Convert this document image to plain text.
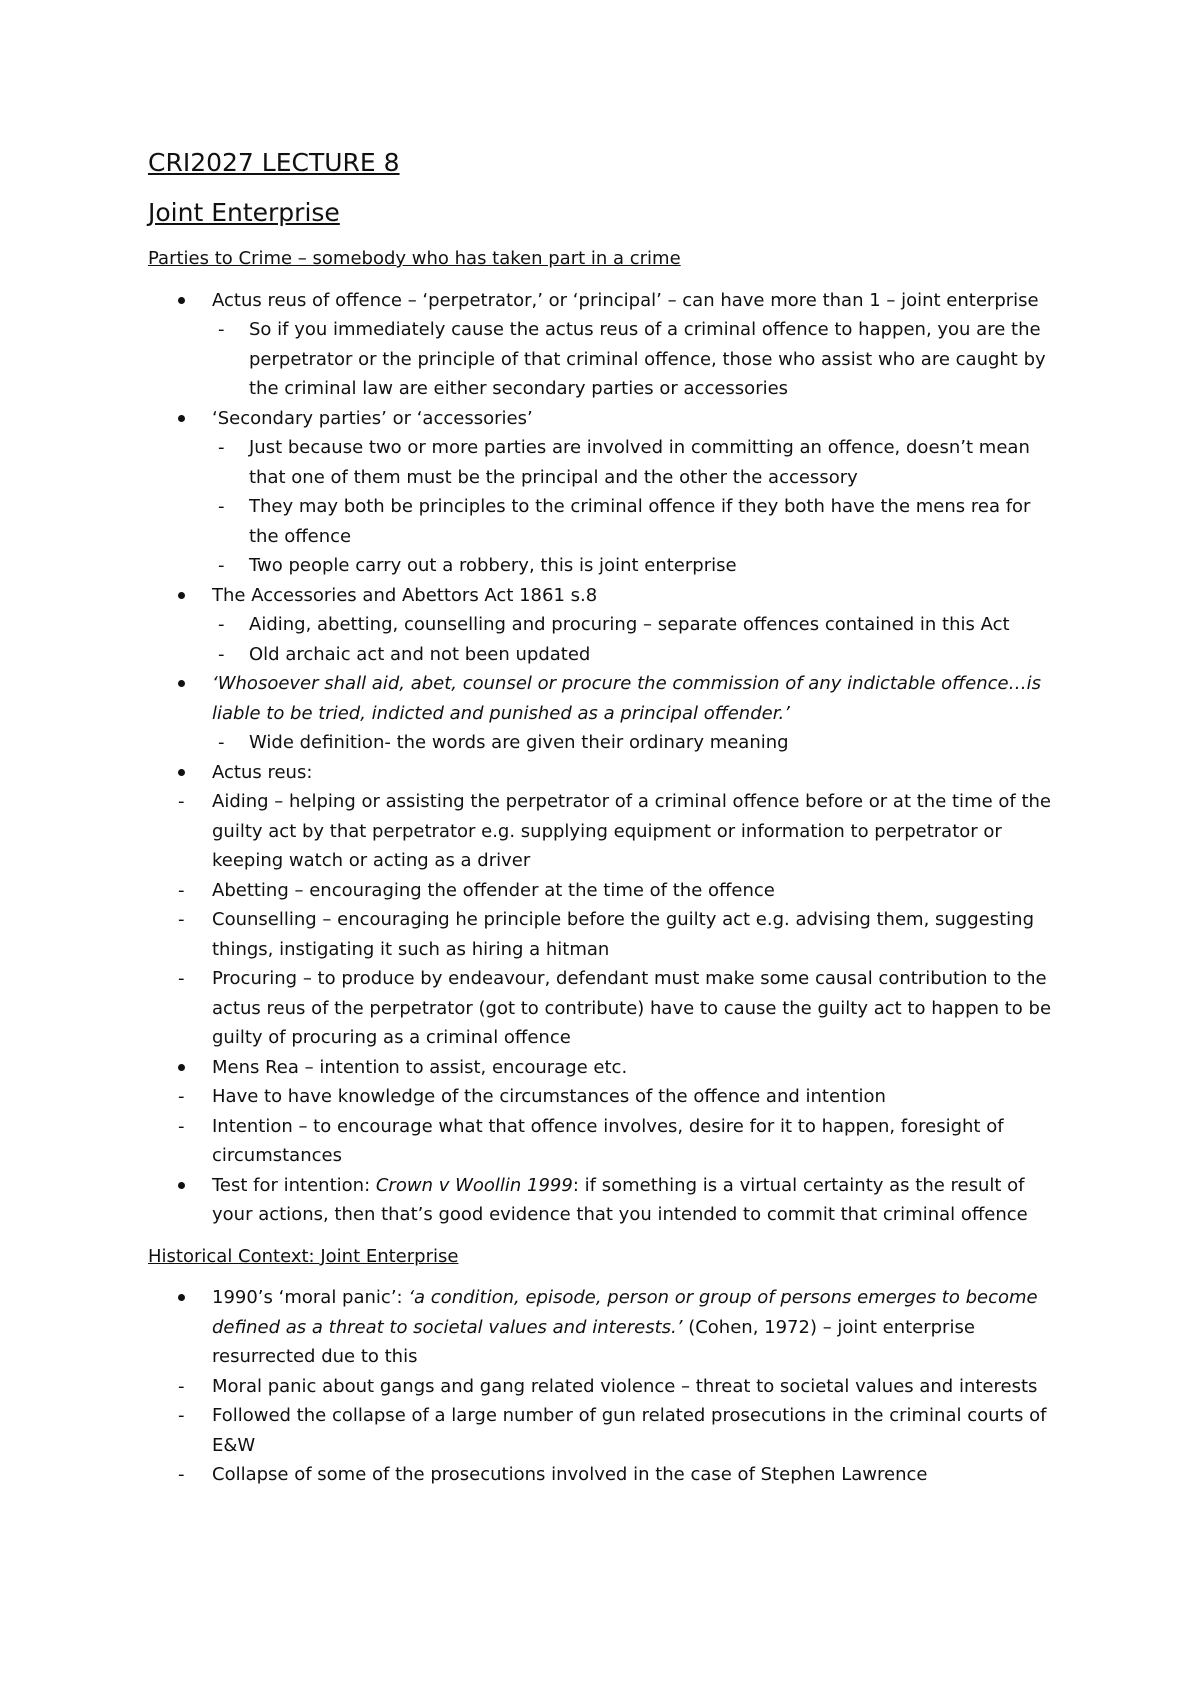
CRI2027 LECTURE 8
Joint Enterprise
Parties to Crime – somebody who has taken part in a crime
Actus reus of offence – ‘perpetrator,’ or ‘principal’ – can have more than 1 – joint enterprise
- So if you immediately cause the actus reus of a criminal offence to happen, you are the
perpetrator or the principle of that criminal offence, those who assist who are caught by
the criminal law are either secondary parties or accessories
‘Secondary parties’ or ‘accessories’
- Just because two or more parties are involved in committing an offence, doesn’t mean
that one of them must be the principal and the other the accessory
- They may both be principles to the criminal offence if they both have the mens rea for
the offence
- Two people carry out a robbery, this is joint enterprise
The Accessories and Abettors Act 1861 s.8
- Aiding, abetting, counselling and procuring – separate offences contained in this Act
- Old archaic act and not been updated
‘Whosoever shall aid, abet, counsel or procure the commission of any indictable offence…is
liable to be tried, indicted and punished as a principal offender.’
- Wide definition- the words are given their ordinary meaning
Actus reus:
- Aiding – helping or assisting the perpetrator of a criminal offence before or at the time of the
guilty act by that perpetrator e.g. supplying equipment or information to perpetrator or
keeping watch or acting as a driver
- Abetting – encouraging the offender at the time of the offence
- Counselling – encouraging he principle before the guilty act e.g. advising them, suggesting
things, instigating it such as hiring a hitman
- Procuring – to produce by endeavour, defendant must make some causal contribution to the
actus reus of the perpetrator (got to contribute) have to cause the guilty act to happen to be
guilty of procuring as a criminal offence
Mens Rea – intention to assist, encourage etc.
- Have to have knowledge of the circumstances of the offence and intention
- Intention – to encourage what that offence involves, desire for it to happen, foresight of
circumstances
Test for intention: Crown v Woollin 1999: if something is a virtual certainty as the result of
your actions, then that’s good evidence that you intended to commit that criminal offence
Historical Context: Joint Enterprise
1990’s ‘moral panic’: ‘a condition, episode, person or group of persons emerges to become
defined as a threat to societal values and interests.’ (Cohen, 1972) – joint enterprise
resurrected due to this
- Moral panic about gangs and gang related violence – threat to societal values and interests
- Followed the collapse of a large number of gun related prosecutions in the criminal courts of
E&W
- Collapse of some of the prosecutions involved in the case of Stephen Lawrence
